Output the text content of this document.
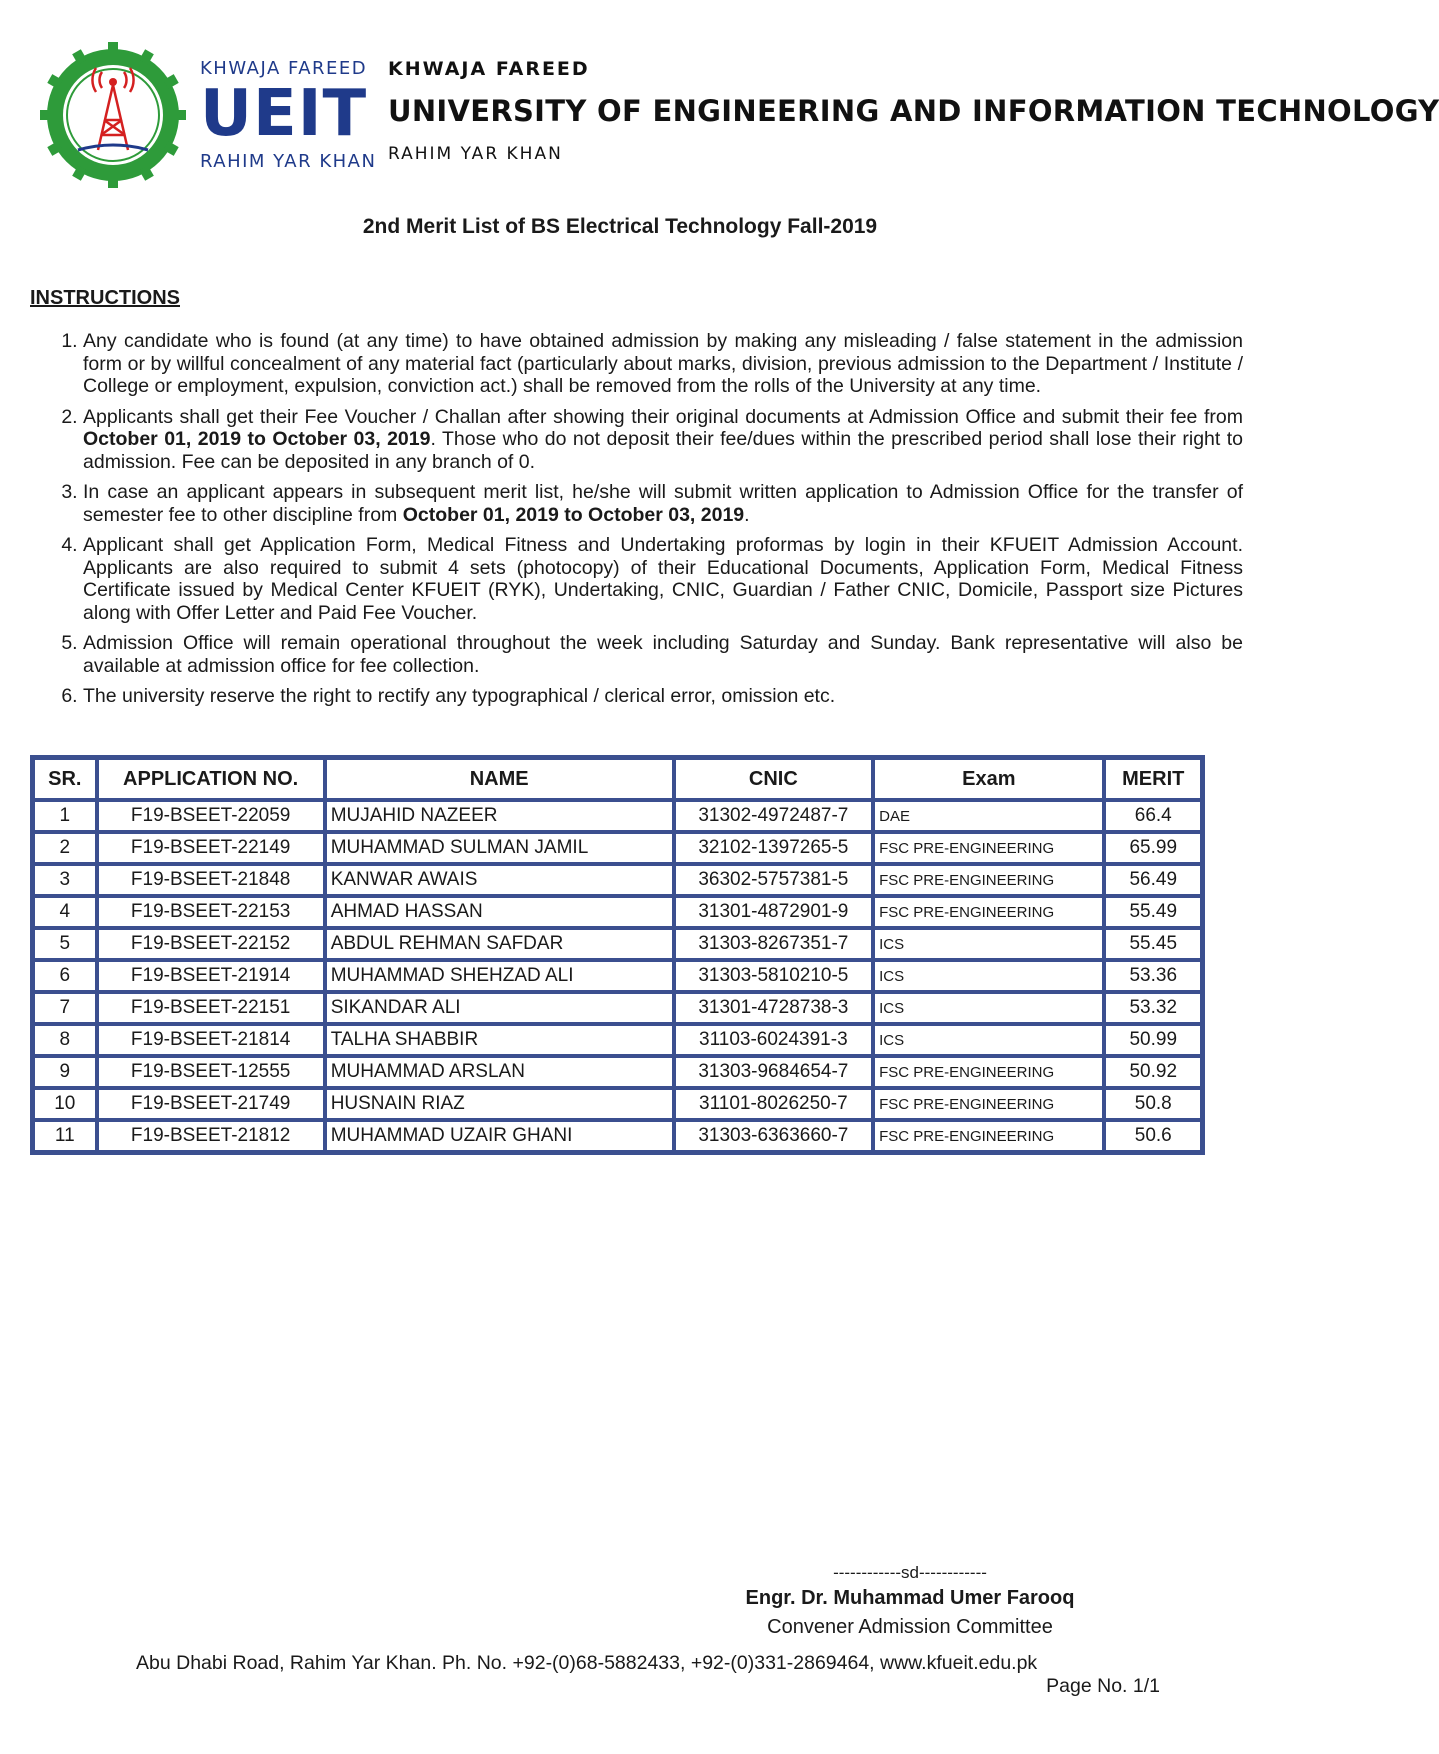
KHWAJA FAREED
UEIT
RAHIM YAR KHAN
KHWAJA FAREED
UNIVERSITY OF ENGINEERING AND INFORMATION TECHNOLOGY
RAHIM YAR KHAN
2nd Merit List of BS Electrical Technology Fall-2019
INSTRUCTIONS
1. Any candidate who is found (at any time) to have obtained admission by making any misleading / false statement in the admission form or by willful concealment of any material fact (particularly about marks, division, previous admission to the Department / Institute / College or employment, expulsion, conviction act.) shall be removed from the rolls of the University at any time.
2. Applicants shall get their Fee Voucher / Challan after showing their original documents at Admission Office and submit their fee from October 01, 2019 to October 03, 2019. Those who do not deposit their fee/dues within the prescribed period shall lose their right to admission. Fee can be deposited in any branch of 0.
3. In case an applicant appears in subsequent merit list, he/she will submit written application to Admission Office for the transfer of semester fee to other discipline from October 01, 2019 to October 03, 2019.
4. Applicant shall get Application Form, Medical Fitness and Undertaking proformas by login in their KFUEIT Admission Account. Applicants are also required to submit 4 sets (photocopy) of their Educational Documents, Application Form, Medical Fitness Certificate issued by Medical Center KFUEIT (RYK), Undertaking, CNIC, Guardian / Father CNIC, Domicile, Passport size Pictures along with Offer Letter and Paid Fee Voucher.
5. Admission Office will remain operational throughout the week including Saturday and Sunday. Bank representative will also be available at admission office for fee collection.
6. The university reserve the right to rectify any typographical / clerical error, omission etc.
SR.	APPLICATION NO.	NAME	CNIC	Exam	MERIT
1	F19-BSEET-22059	MUJAHID NAZEER	31302-4972487-7	DAE	66.4
2	F19-BSEET-22149	MUHAMMAD SULMAN JAMIL	32102-1397265-5	FSC PRE-ENGINEERING	65.99
3	F19-BSEET-21848	KANWAR AWAIS	36302-5757381-5	FSC PRE-ENGINEERING	56.49
4	F19-BSEET-22153	AHMAD HASSAN	31301-4872901-9	FSC PRE-ENGINEERING	55.49
5	F19-BSEET-22152	ABDUL REHMAN SAFDAR	31303-8267351-7	ICS	55.45
6	F19-BSEET-21914	MUHAMMAD SHEHZAD ALI	31303-5810210-5	ICS	53.36
7	F19-BSEET-22151	SIKANDAR ALI	31301-4728738-3	ICS	53.32
8	F19-BSEET-21814	TALHA SHABBIR	31103-6024391-3	ICS	50.99
9	F19-BSEET-12555	MUHAMMAD ARSLAN	31303-9684654-7	FSC PRE-ENGINEERING	50.92
10	F19-BSEET-21749	HUSNAIN RIAZ	31101-8026250-7	FSC PRE-ENGINEERING	50.8
11	F19-BSEET-21812	MUHAMMAD UZAIR GHANI	31303-6363660-7	FSC PRE-ENGINEERING	50.6
------------sd------------
Engr. Dr. Muhammad Umer Farooq
Convener Admission Committee
Abu Dhabi Road, Rahim Yar Khan. Ph. No. +92-(0)68-5882433, +92-(0)331-2869464, www.kfueit.edu.pk
Page No. 1/1
